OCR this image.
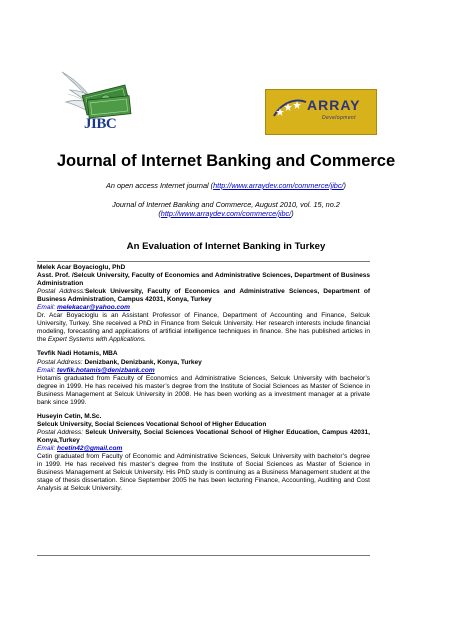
JIBC
ARRAY
Development
Journal of Internet Banking and Commerce
An open access Internet journal (http://www.arraydev.com/commerce/jibc/)
Journal of Internet Banking and Commerce, August 2010, vol. 15, no.2
(http://www.arraydev.com/commerce/jibc/)
An Evaluation of Internet Banking in Turkey

Melek Acar Boyacioglu, PhD

Asst. Prof. /Selcuk University, Faculty of Economics and Administrative Sciences, Department of Business Administration

Postal Address:Selcuk University, Faculty of Economics and Administrative Sciences, Department of Business Administration, Campus 42031, Konya, Turkey

Email: melekacar@yahoo.com

Dr. Acar Boyacioglu is an Assistant Professor of Finance, Department of Accounting and Finance, Selcuk University, Turkey. She received a PhD in Finance from Selcuk University. Her research interests include financial modeling, forecasting and applications of artificial intelligence techniques in finance. She has published articles in the Expert Systems with Applications.

Tevfik Nadi Hotamis, MBA

Postal Address: Denizbank, Denizbank, Konya, Turkey

Email: tevfik.hotamis@denizbank.com

Hotamis graduated from Faculty of Economics and Administrative Sciences, Selcuk University with bachelor’s degree in 1999. He has received his master’s degree from the Institute of Social Sciences as Master of Science in Business Management at Selcuk University in 2008. He has been working as a investment manager at a private bank since 1999.

Huseyin Cetin, M.Sc.

Selcuk University, Social Sciences Vocational School of Higher Education

Postal Address: Selcuk University, Social Sciences Vocational School of Higher Education, Campus 42031, Konya,Turkey

Email: hcetin42@gmail.com

Cetin graduated from Faculty of Economic and Administrative Sciences, Selcuk University with bachelor’s degree in 1999. He has received his master’s degree from the Institute of Social Sciences as Master of Science in Business Management at Selcuk University. His PhD study is continuing as a Business Management student at the stage of thesis dissertation. Since September 2005 he has been lecturing Finance, Accounting, Auditing and Cost Analysis at Selcuk University.
